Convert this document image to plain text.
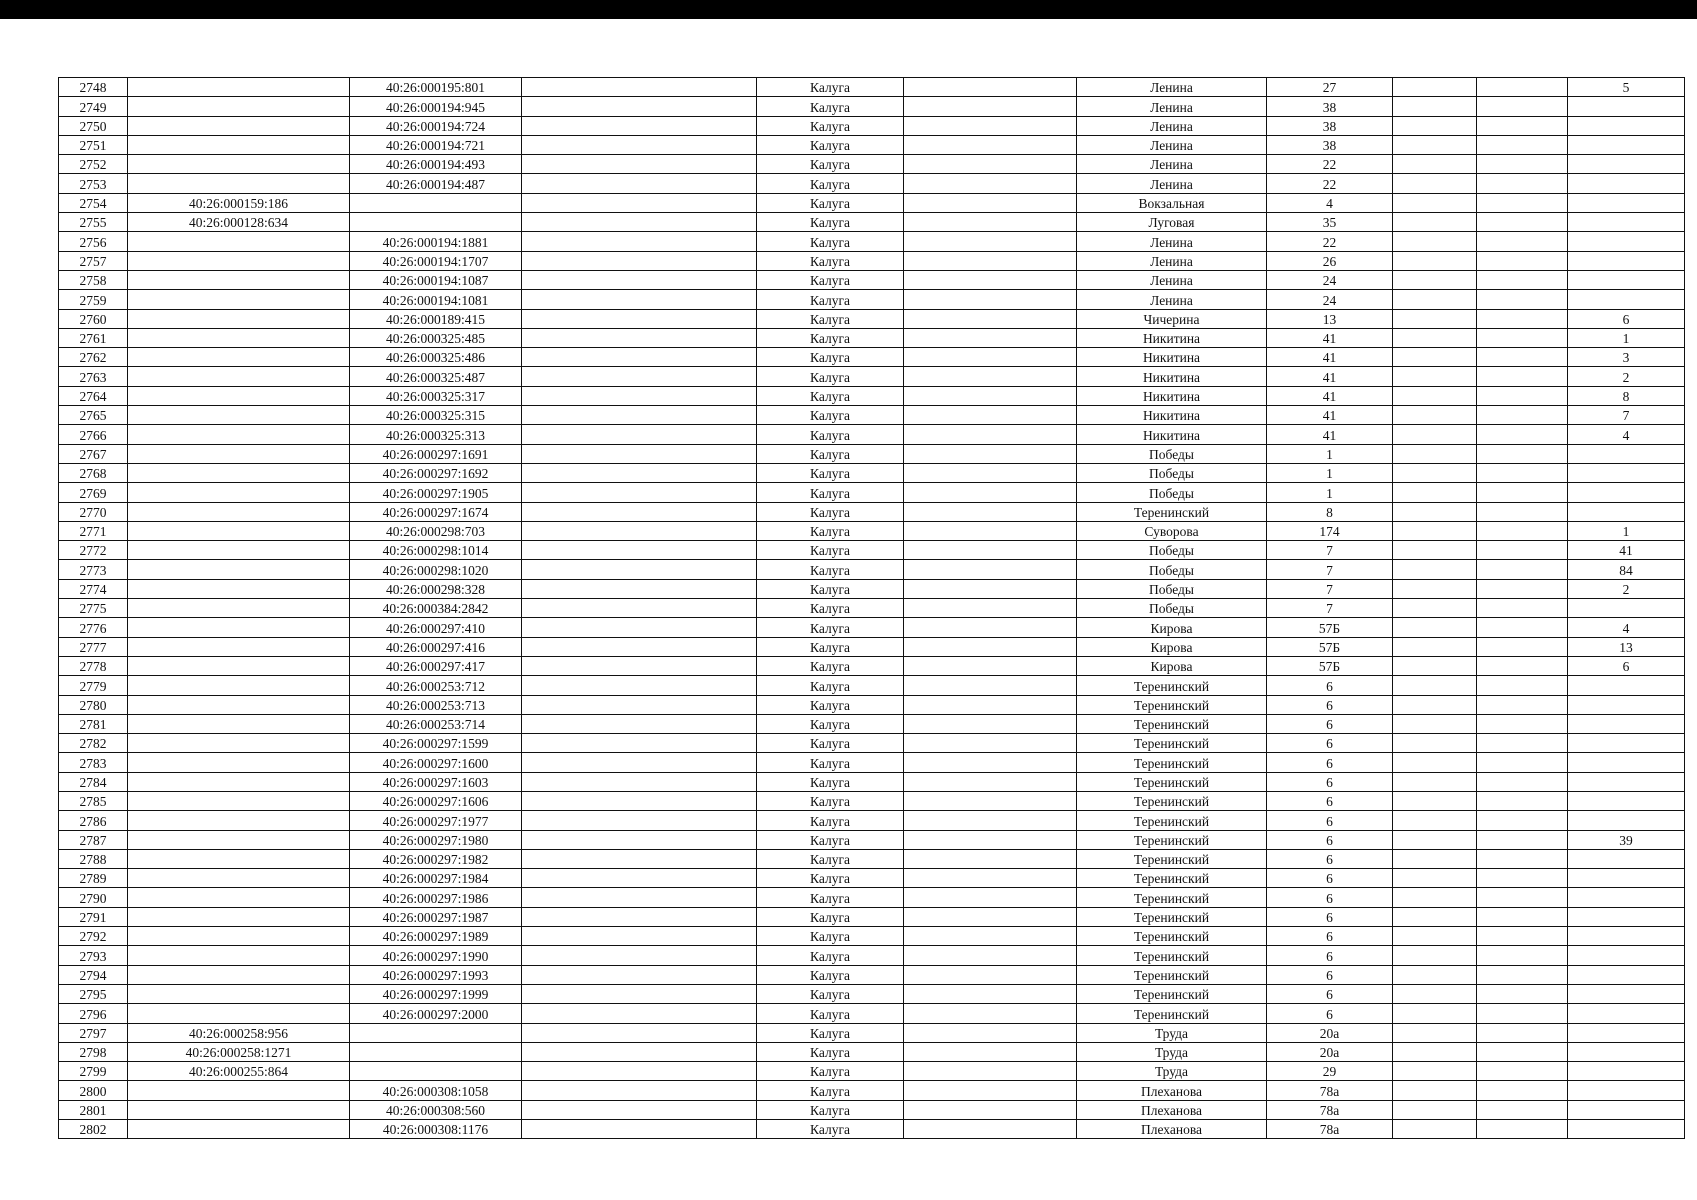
2748		40:26:000195:801		Калуга		Ленина	27			5
2749		40:26:000194:945		Калуга		Ленина	38			
2750		40:26:000194:724		Калуга		Ленина	38			
2751		40:26:000194:721		Калуга		Ленина	38			
2752		40:26:000194:493		Калуга		Ленина	22			
2753		40:26:000194:487		Калуга		Ленина	22			
2754	40:26:000159:186			Калуга		Вокзальная	4			
2755	40:26:000128:634			Калуга		Луговая	35			
2756		40:26:000194:1881		Калуга		Ленина	22			
2757		40:26:000194:1707		Калуга		Ленина	26			
2758		40:26:000194:1087		Калуга		Ленина	24			
2759		40:26:000194:1081		Калуга		Ленина	24			
2760		40:26:000189:415		Калуга		Чичерина	13			6
2761		40:26:000325:485		Калуга		Никитина	41			1
2762		40:26:000325:486		Калуга		Никитина	41			3
2763		40:26:000325:487		Калуга		Никитина	41			2
2764		40:26:000325:317		Калуга		Никитина	41			8
2765		40:26:000325:315		Калуга		Никитина	41			7
2766		40:26:000325:313		Калуга		Никитина	41			4
2767		40:26:000297:1691		Калуга		Победы	1			
2768		40:26:000297:1692		Калуга		Победы	1			
2769		40:26:000297:1905		Калуга		Победы	1			
2770		40:26:000297:1674		Калуга		Теренинский	8			
2771		40:26:000298:703		Калуга		Суворова	174			1
2772		40:26:000298:1014		Калуга		Победы	7			41
2773		40:26:000298:1020		Калуга		Победы	7			84
2774		40:26:000298:328		Калуга		Победы	7			2
2775		40:26:000384:2842		Калуга		Победы	7			
2776		40:26:000297:410		Калуга		Кирова	57Б			4
2777		40:26:000297:416		Калуга		Кирова	57Б			13
2778		40:26:000297:417		Калуга		Кирова	57Б			6
2779		40:26:000253:712		Калуга		Теренинский	6			
2780		40:26:000253:713		Калуга		Теренинский	6			
2781		40:26:000253:714		Калуга		Теренинский	6			
2782		40:26:000297:1599		Калуга		Теренинский	6			
2783		40:26:000297:1600		Калуга		Теренинский	6			
2784		40:26:000297:1603		Калуга		Теренинский	6			
2785		40:26:000297:1606		Калуга		Теренинский	6			
2786		40:26:000297:1977		Калуга		Теренинский	6			
2787		40:26:000297:1980		Калуга		Теренинский	6			39
2788		40:26:000297:1982		Калуга		Теренинский	6			
2789		40:26:000297:1984		Калуга		Теренинский	6			
2790		40:26:000297:1986		Калуга		Теренинский	6			
2791		40:26:000297:1987		Калуга		Теренинский	6			
2792		40:26:000297:1989		Калуга		Теренинский	6			
2793		40:26:000297:1990		Калуга		Теренинский	6			
2794		40:26:000297:1993		Калуга		Теренинский	6			
2795		40:26:000297:1999		Калуга		Теренинский	6			
2796		40:26:000297:2000		Калуга		Теренинский	6			
2797	40:26:000258:956			Калуга		Труда	20а			
2798	40:26:000258:1271			Калуга		Труда	20а			
2799	40:26:000255:864			Калуга		Труда	29			
2800		40:26:000308:1058		Калуга		Плеханова	78а			
2801		40:26:000308:560		Калуга		Плеханова	78а			
2802		40:26:000308:1176		Калуга		Плеханова	78а			
